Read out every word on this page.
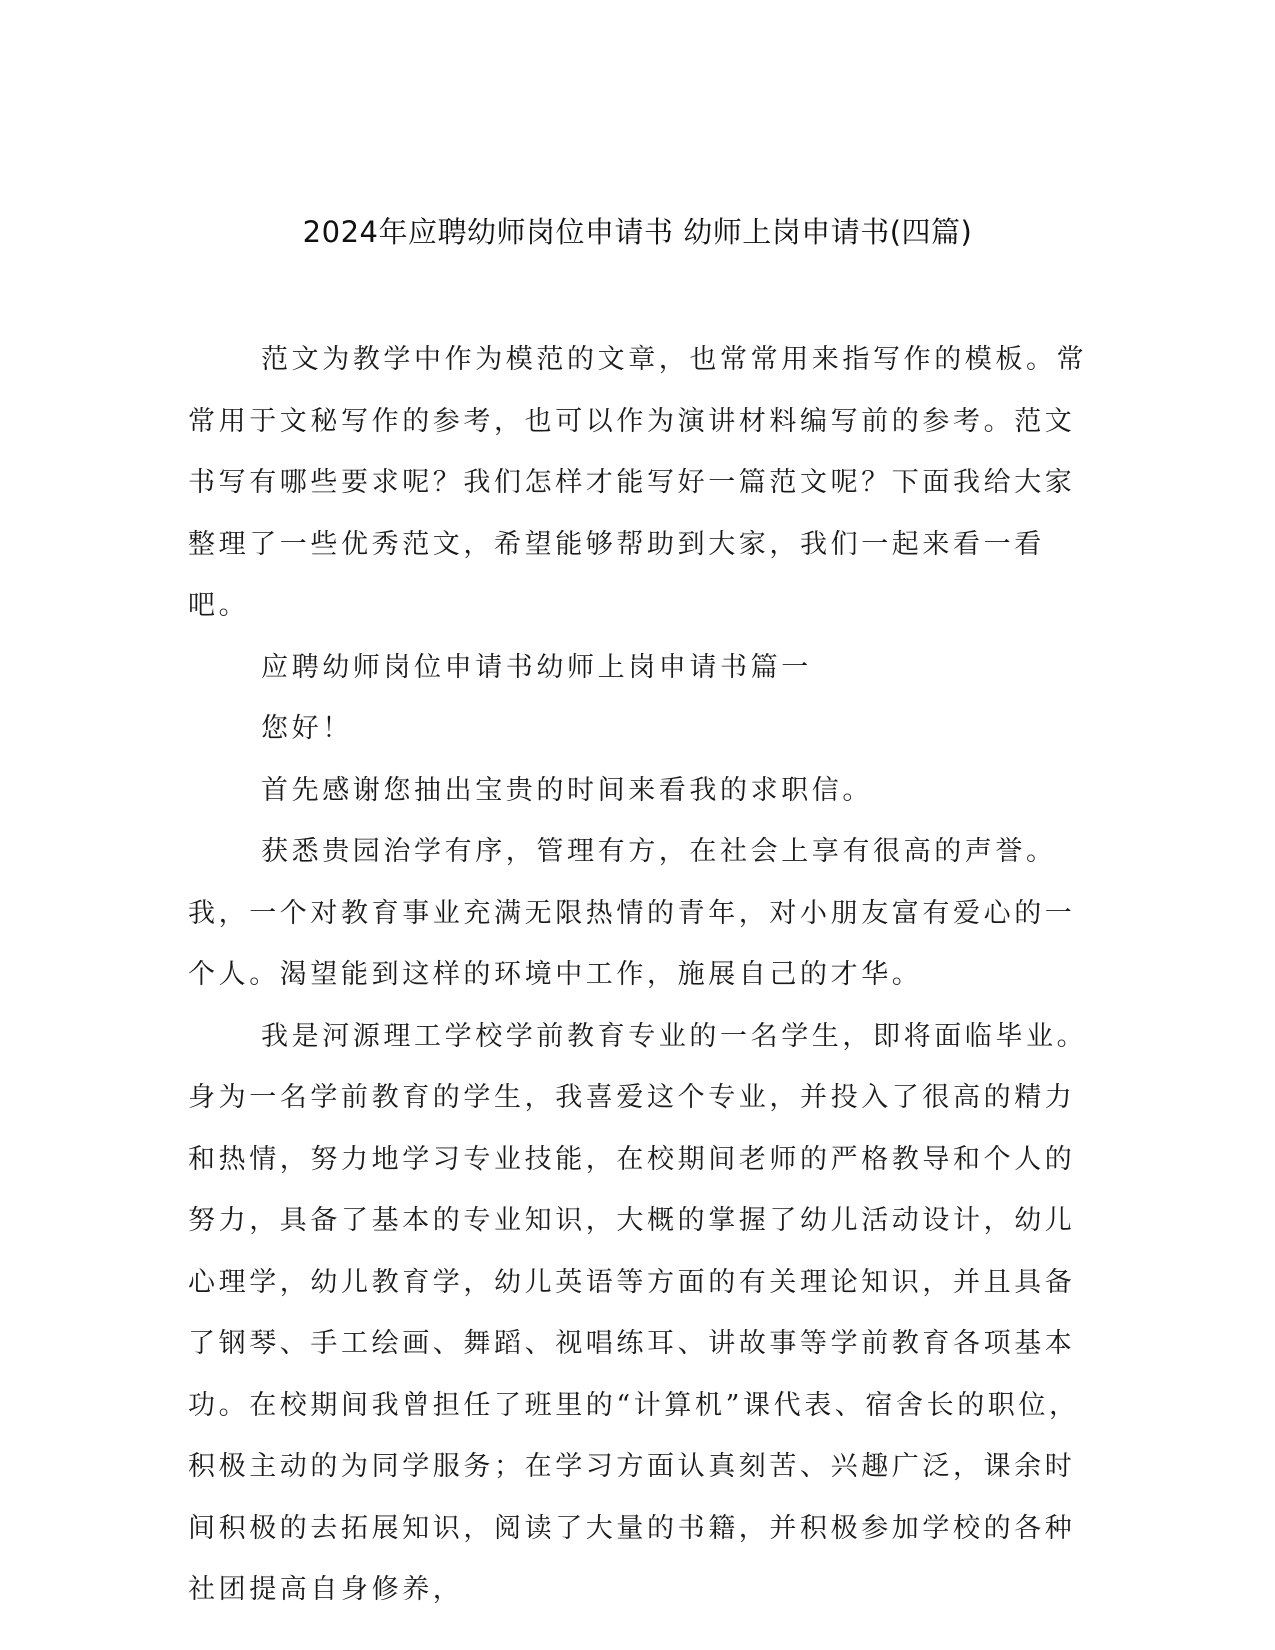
2024年应聘幼师岗位申请书 幼师上岗申请书(四篇)

范文为教学中作为模范的文章，也常常用来指写作的模板。常常用于文秘写作的参考，也可以作为演讲材料编写前的参考。范文书写有哪些要求呢？我们怎样才能写好一篇范文呢？下面我给大家整理了一些优秀范文，希望能够帮助到大家，我们一起来看一看吧。

应聘幼师岗位申请书幼师上岗申请书篇一

您好！

首先感谢您抽出宝贵的时间来看我的求职信。

获悉贵园治学有序，管理有方，在社会上享有很高的声誉。我，一个对教育事业充满无限热情的青年，对小朋友富有爱心的一个人。渴望能到这样的环境中工作，施展自己的才华。

我是河源理工学校学前教育专业的一名学生，即将面临毕业。身为一名学前教育的学生，我喜爱这个专业，并投入了很高的精力和热情，努力地学习专业技能，在校期间老师的严格教导和个人的努力，具备了基本的专业知识，大概的掌握了幼儿活动设计，幼儿心理学，幼儿教育学，幼儿英语等方面的有关理论知识，并且具备了钢琴、手工绘画、舞蹈、视唱练耳、讲故事等学前教育各项基本功。在校期间我曾担任了班里的“计算机”课代表、宿舍长的职位，积极主动的为同学服务；在学习方面认真刻苦、兴趣广泛，课余时间积极的去拓展知识，阅读了大量的书籍，并积极参加学校的各种社团提高自身修养，
